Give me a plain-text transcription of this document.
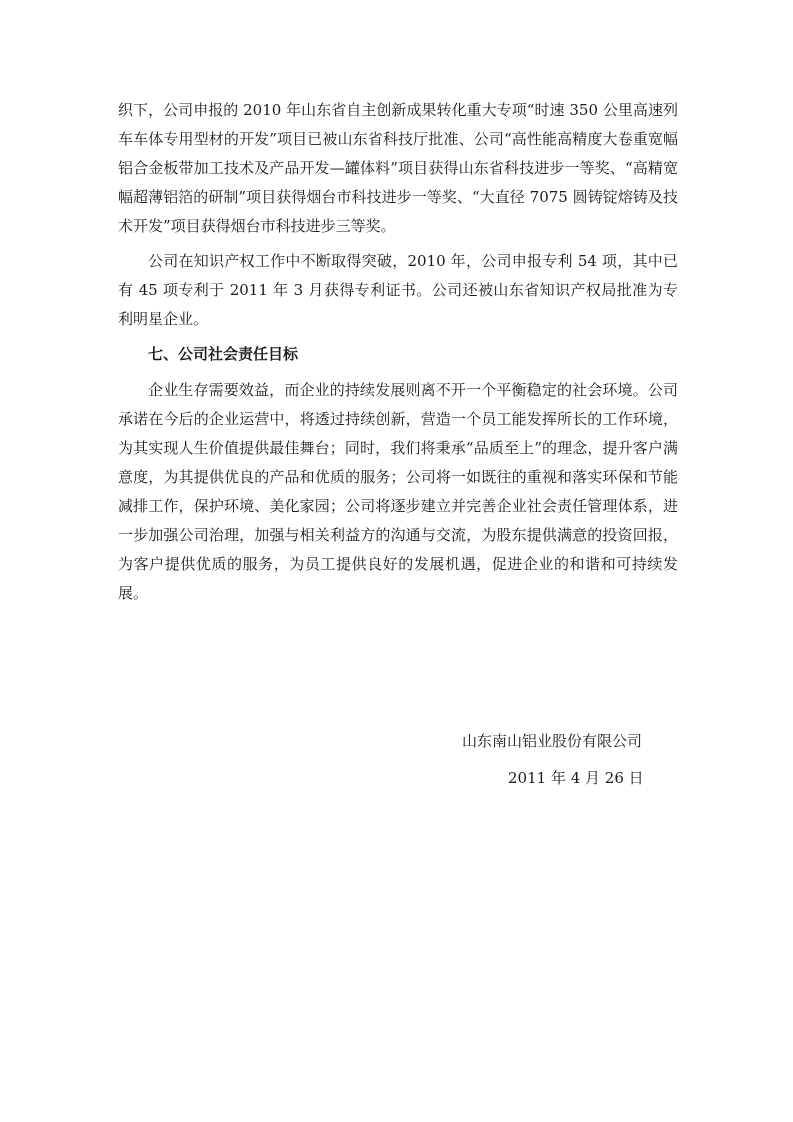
织下，公司申报的 2010 年山东省自主创新成果转化重大专项“时速 350 公里高速列车车体专用型材的开发”项目已被山东省科技厅批准、公司“高性能高精度大卷重宽幅铝合金板带加工技术及产品开发—罐体料”项目获得山东省科技进步一等奖、“高精宽幅超薄铝箔的研制”项目获得烟台市科技进步一等奖、“大直径 7075 圆铸锭熔铸及技术开发”项目获得烟台市科技进步三等奖。

公司在知识产权工作中不断取得突破，2010 年，公司申报专利 54 项，其中已有 45 项专利于 2011 年 3 月获得专利证书。公司还被山东省知识产权局批准为专利明星企业。

七、公司社会责任目标

企业生存需要效益，而企业的持续发展则离不开一个平衡稳定的社会环境。公司承诺在今后的企业运营中，将透过持续创新，营造一个员工能发挥所长的工作环境，为其实现人生价值提供最佳舞台；同时，我们将秉承“品质至上”的理念，提升客户满意度，为其提供优良的产品和优质的服务；公司将一如既往的重视和落实环保和节能减排工作，保护环境、美化家园；公司将逐步建立并完善企业社会责任管理体系，进一步加强公司治理，加强与相关利益方的沟通与交流，为股东提供满意的投资回报，为客户提供优质的服务，为员工提供良好的发展机遇，促进企业的和谐和可持续发展。

山东南山铝业股份有限公司
2011 年 4 月 26 日
